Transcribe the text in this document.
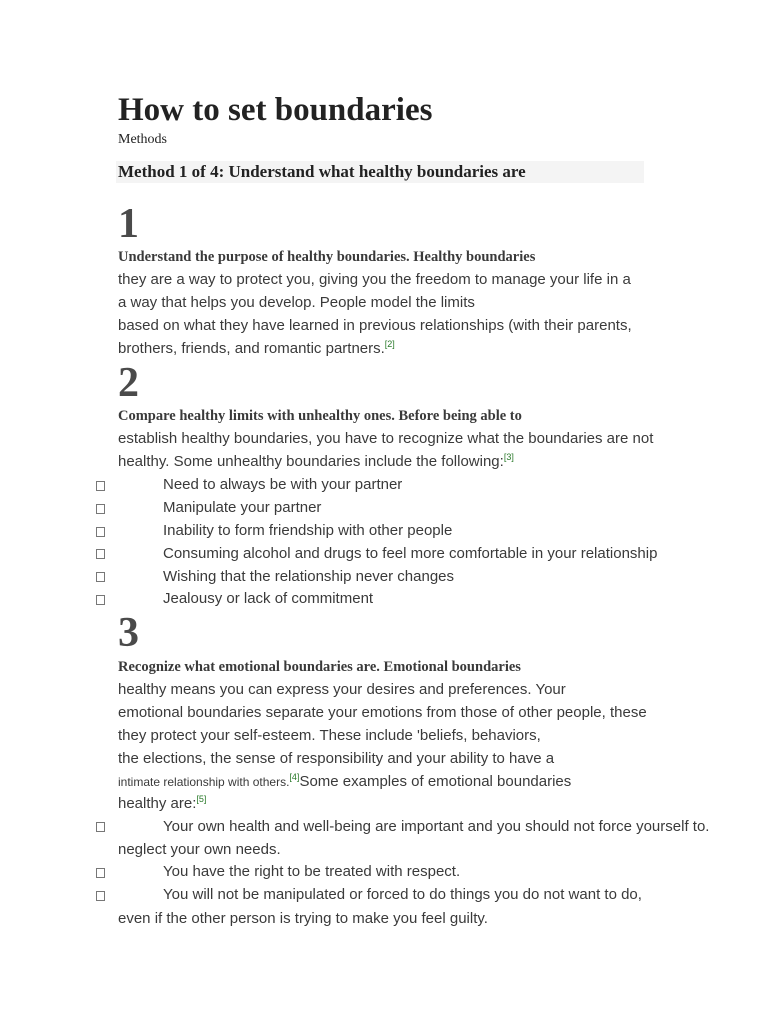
How to set boundaries
Methods
Method 1 of 4: Understand what healthy boundaries are
1
Understand the purpose of healthy boundaries. Healthy boundaries
they are a way to protect you, giving you the freedom to manage your life in a
a way that helps you develop. People model the limits
based on what they have learned in previous relationships (with their parents,
brothers, friends, and romantic partners.[2]
2
Compare healthy limits with unhealthy ones. Before being able to
establish healthy boundaries, you have to recognize what the boundaries are not
healthy. Some unhealthy boundaries include the following:[3]
Need to always be with your partner
Manipulate your partner
Inability to form friendship with other people
Consuming alcohol and drugs to feel more comfortable in your relationship
Wishing that the relationship never changes
Jealousy or lack of commitment
3
Recognize what emotional boundaries are. Emotional boundaries
healthy means you can express your desires and preferences. Your
emotional boundaries separate your emotions from those of other people, these
they protect your self-esteem. These include 'beliefs, behaviors,
the elections, the sense of responsibility and your ability to have a
intimate relationship with others.[4]Some examples of emotional boundaries
healthy are:[5]
Your own health and well-being are important and you should not force yourself to.
neglect your own needs.
You have the right to be treated with respect.
You will not be manipulated or forced to do things you do not want to do,
even if the other person is trying to make you feel guilty.
